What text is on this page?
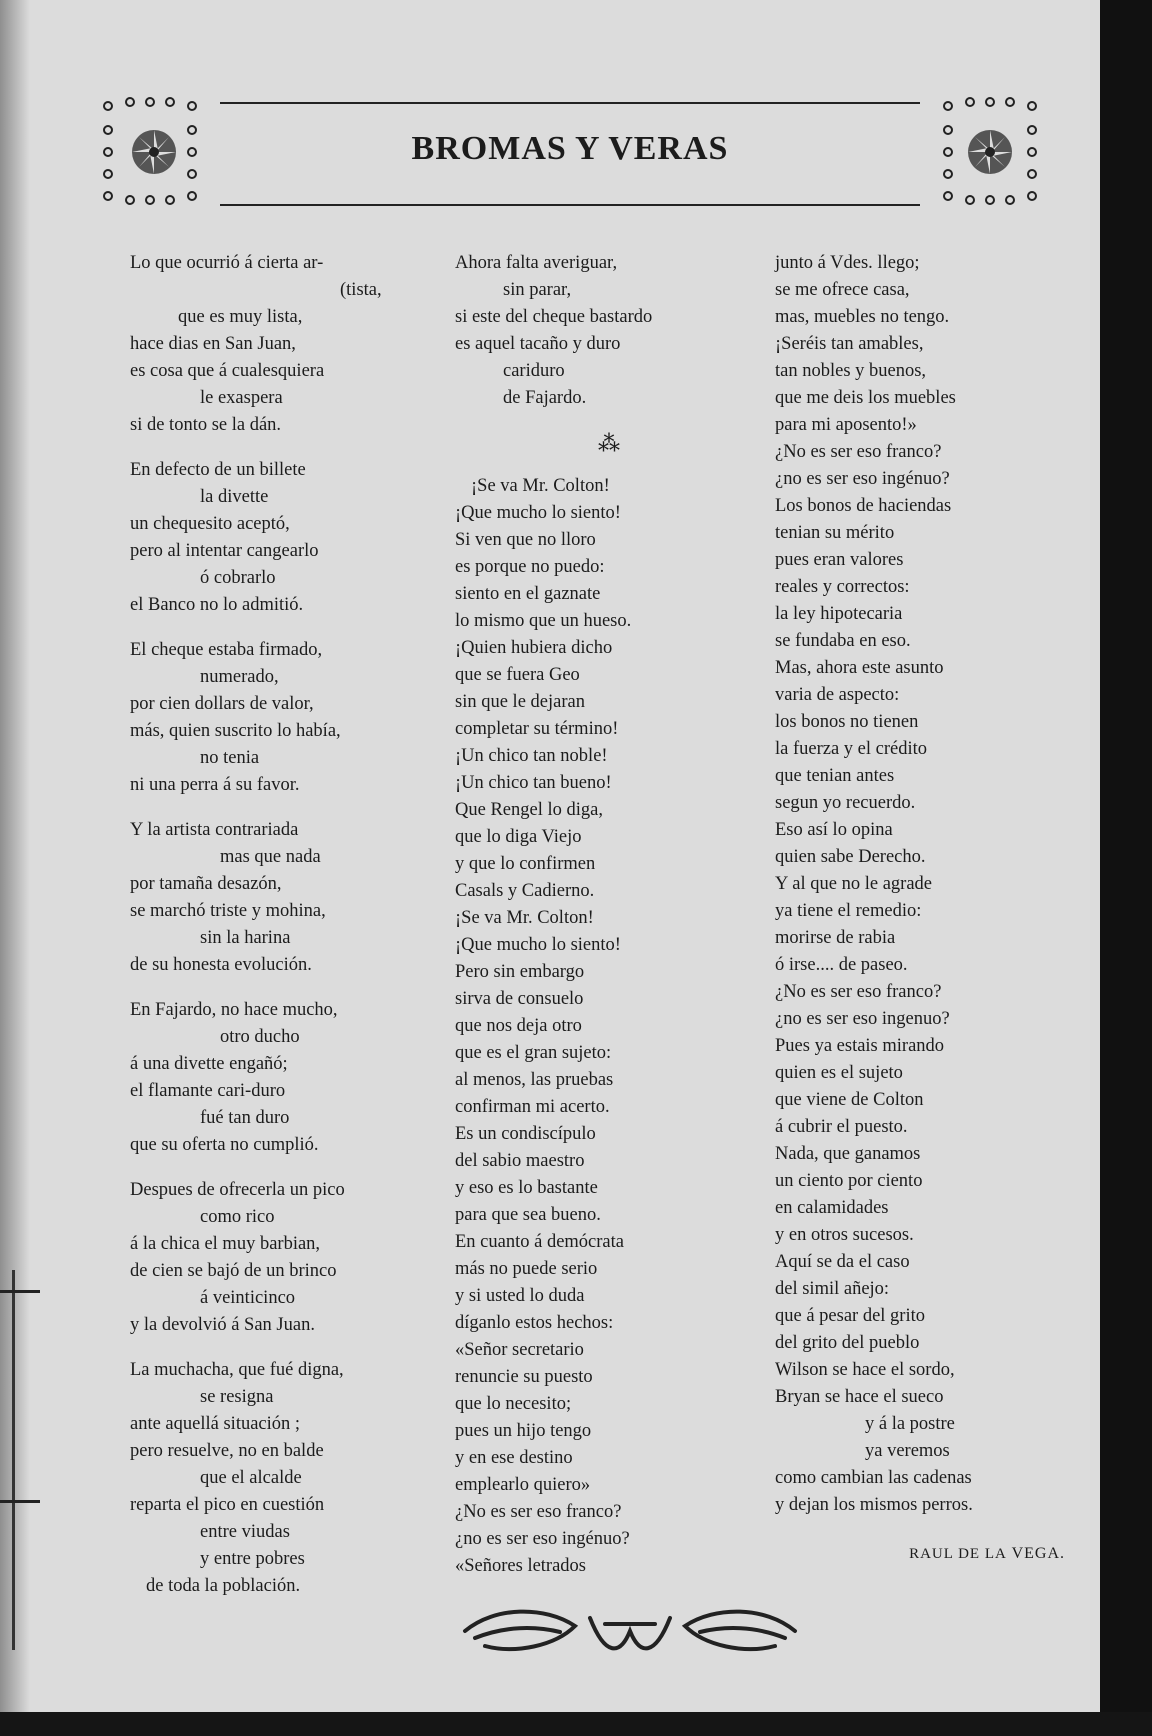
BROMAS Y VERAS
Lo que ocurrió á cierta ar-
(tista,
que es muy lista,
hace dias en San Juan,
es cosa que á cualesquiera
le exaspera
si de tonto se la dán.
En defecto de un billete
la divette
un chequesito aceptó,
pero al intentar cangearlo
ó cobrarlo
el Banco no lo admitió.
El cheque estaba firmado,
numerado,
por cien dollars de valor,
más, quien suscrito lo había,
no tenia
ni una perra á su favor.
Y la artista contrariada
mas que nada
por tamaña desazón,
se marchó triste y mohina,
sin la harina
de su honesta evolución.
En Fajardo, no hace mucho,
otro ducho
á una divette engañó;
el flamante cari-duro
fué tan duro
que su oferta no cumplió.
Despues de ofrecerla un pico
como rico
á la chica el muy barbian,
de cien se bajó de un brinco
á veinticinco
y la devolvió á San Juan.
La muchacha, que fué digna,
se resigna
ante aquellá situación ;
pero resuelve, no en balde
que el alcalde
reparta el pico en cuestión
entre viudas
y entre pobres
de toda la población.
Ahora falta averiguar,
sin parar,
si este del cheque bastardo
es aquel tacaño y duro
cariduro
de Fajardo.
⁂
¡Se va Mr. Colton!
¡Que mucho lo siento!
Si ven que no lloro
es porque no puedo:
siento en el gaznate
lo mismo que un hueso.
¡Quien hubiera dicho
que se fuera Geo
sin que le dejaran
completar su término!
¡Un chico tan noble!
¡Un chico tan bueno!
Que Rengel lo diga,
que lo diga Viejo
y que lo confirmen
Casals y Cadierno.
¡Se va Mr. Colton!
¡Que mucho lo siento!
Pero sin embargo
sirva de consuelo
que nos deja otro
que es el gran sujeto:
al menos, las pruebas
confirman mi acerto.
Es un condiscípulo
del sabio maestro
y eso es lo bastante
para que sea bueno.
En cuanto á demócrata
más no puede serio
y si usted lo duda
díganlo estos hechos:
«Señor secretario
renuncie su puesto
que lo necesito;
pues un hijo tengo
y en ese destino
emplearlo quiero»
¿No es ser eso franco?
¿no es ser eso ingénuo?
«Señores letrados
junto á Vdes. llego;
se me ofrece casa,
mas, muebles no tengo.
¡Seréis tan amables,
tan nobles y buenos,
que me deis los muebles
para mi aposento!»
¿No es ser eso franco?
¿no es ser eso ingénuo?
Los bonos de haciendas
tenian su mérito
pues eran valores
reales y correctos:
la ley hipotecaria
se fundaba en eso.
Mas, ahora este asunto
varia de aspecto:
los bonos no tienen
la fuerza y el crédito
que tenian antes
segun yo recuerdo.
Eso así lo opina
quien sabe Derecho.
Y al que no le agrade
ya tiene el remedio:
morirse de rabia
ó irse.... de paseo.
¿No es ser eso franco?
¿no es ser eso ingenuo?
Pues ya estais mirando
quien es el sujeto
que viene de Colton
á cubrir el puesto.
Nada, que ganamos
un ciento por ciento
en calamidades
y en otros sucesos.
Aquí se da el caso
del simil añejo:
que á pesar del grito
del grito del pueblo
Wilson se hace el sordo,
Bryan se hace el sueco
y á la postre
ya veremos
como cambian las cadenas
y dejan los mismos perros.
RAUL DE LA VEGA.
